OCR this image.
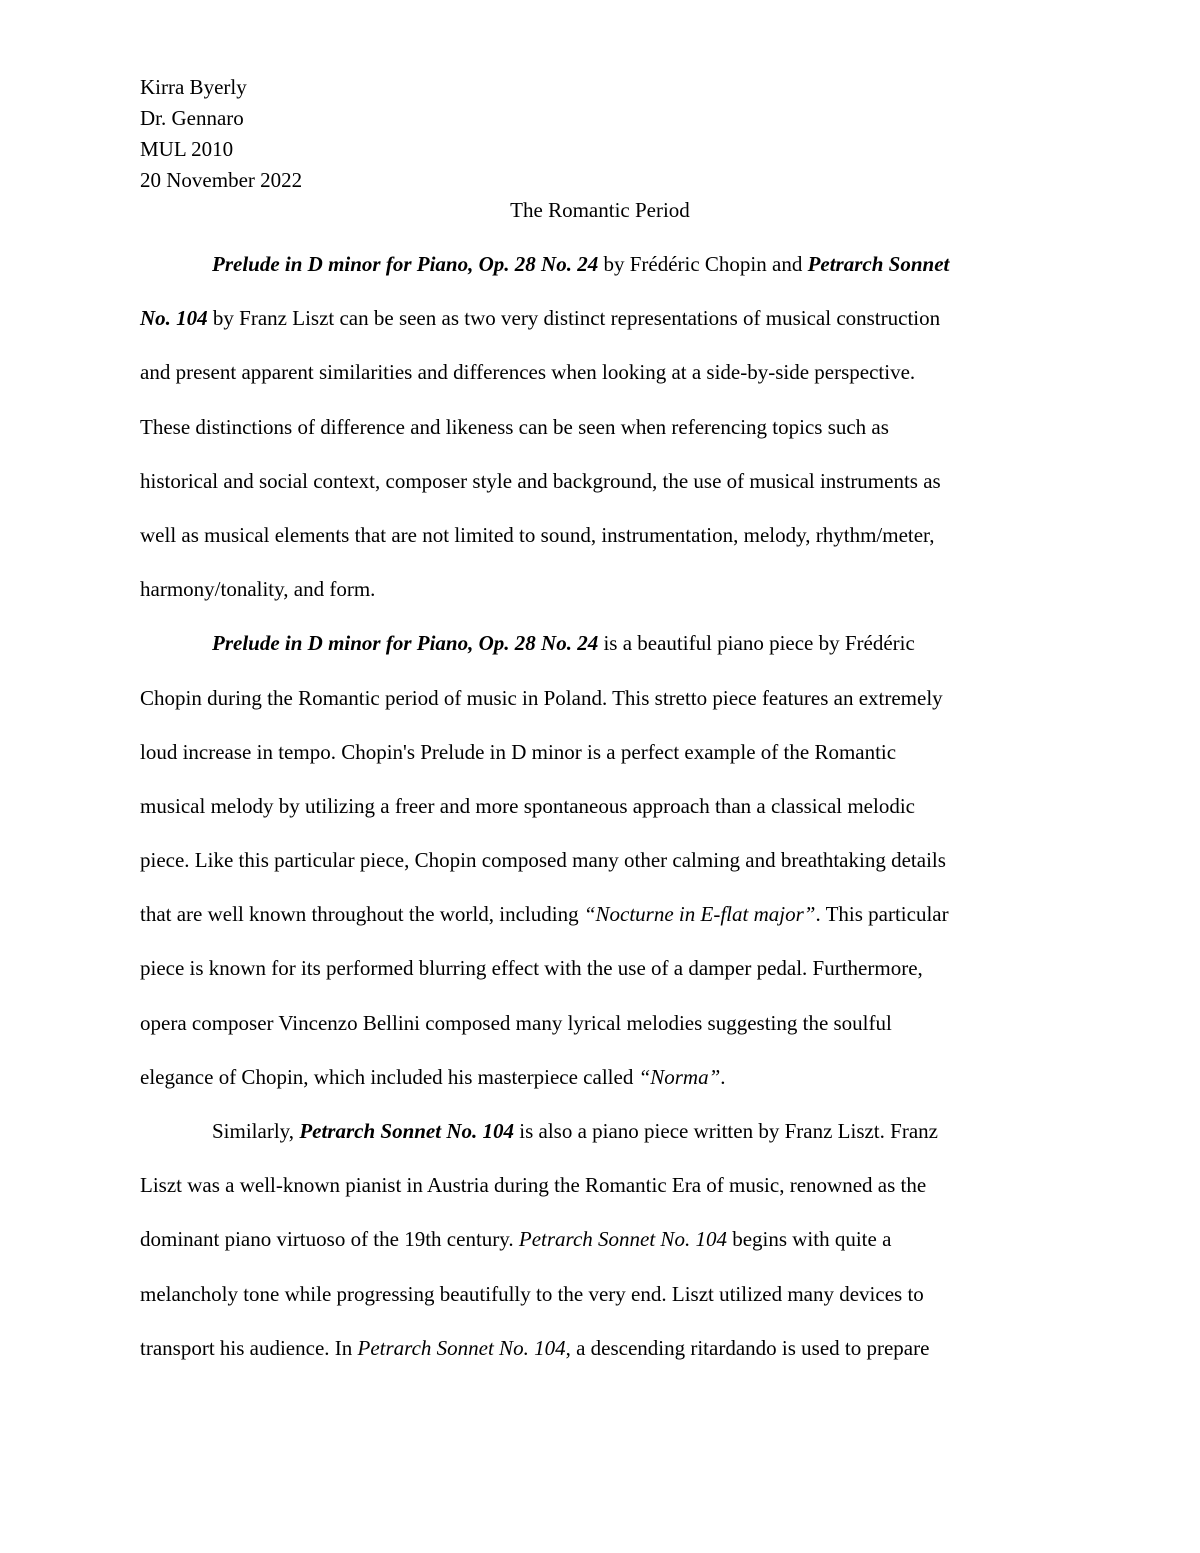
Kirra Byerly
Dr. Gennaro
MUL 2010
20 November 2022
The Romantic Period
Prelude in D minor for Piano, Op. 28 No. 24 by Frédéric Chopin and Petrarch Sonnet
No. 104 by Franz Liszt can be seen as two very distinct representations of musical construction
and present apparent similarities and differences when looking at a side-by-side perspective.
These distinctions of difference and likeness can be seen when referencing topics such as
historical and social context, composer style and background, the use of musical instruments as
well as musical elements that are not limited to sound, instrumentation, melody, rhythm/meter,
harmony/tonality, and form.
Prelude in D minor for Piano, Op. 28 No. 24 is a beautiful piano piece by Frédéric
Chopin during the Romantic period of music in Poland. This stretto piece features an extremely
loud increase in tempo. Chopin's Prelude in D minor is a perfect example of the Romantic
musical melody by utilizing a freer and more spontaneous approach than a classical melodic
piece. Like this particular piece, Chopin composed many other calming and breathtaking details
that are well known throughout the world, including “Nocturne in E-flat major”. This particular
piece is known for its performed blurring effect with the use of a damper pedal. Furthermore,
opera composer Vincenzo Bellini composed many lyrical melodies suggesting the soulful
elegance of Chopin, which included his masterpiece called “Norma”.
Similarly, Petrarch Sonnet No. 104 is also a piano piece written by Franz Liszt. Franz
Liszt was a well-known pianist in Austria during the Romantic Era of music, renowned as the
dominant piano virtuoso of the 19th century. Petrarch Sonnet No. 104 begins with quite a
melancholy tone while progressing beautifully to the very end. Liszt utilized many devices to
transport his audience. In Petrarch Sonnet No. 104, a descending ritardando is used to prepare
